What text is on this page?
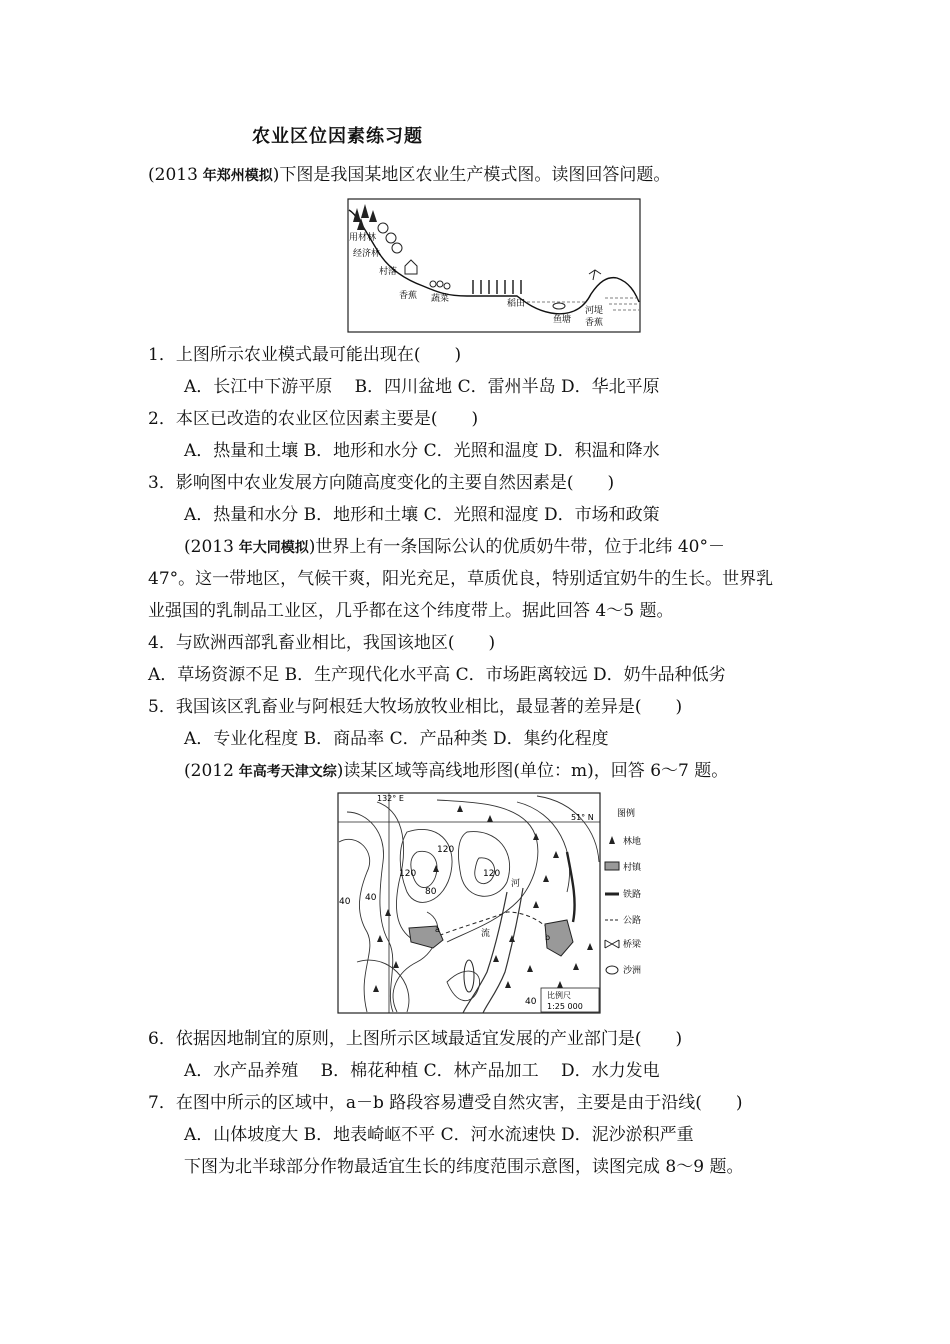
农业区位因素练习题
(2013 年郑州模拟)下图是我国某地区农业生产模式图。读图回答问题。
用材林
经济林
村落
香蕉 蔬菜	稻田
鱼塘
河堤
香蕉
1．上图所示农业模式最可能出现在(　　)
A．长江中下游平原　 B．四川盆地 C．雷州半岛 D．华北平原
2．本区已改造的农业区位因素主要是(　　)
A．热量和土壤 B．地形和水分 C．光照和温度 D．积温和降水
3．影响图中农业发展方向随高度变化的主要自然因素是(　　)
A．热量和水分 B．地形和土壤 C．光照和湿度 D．市场和政策
(2013 年大同模拟)世界上有一条国际公认的优质奶牛带，位于北纬 40°－
47°。这一带地区，气候干爽，阳光充足，草质优良，特别适宜奶牛的生长。世界乳
业强国的乳制品工业区，几乎都在这个纬度带上。据此回答 4～5 题。
4．与欧洲西部乳畜业相比，我国该地区(　　)
A．草场资源不足 B．生产现代化水平高 C．市场距离较远 D．奶牛品种低劣
5．我国该区乳畜业与阿根廷大牧场放牧业相比，最显著的差异是(　　)
A．专业化程度 B．商品率 C．产品种类 D．集约化程度
(2012 年高考天津文综)读某区域等高线地形图(单位：m)，回答 6～7 题。
比例尺
1:25 000
132° E
51° N
120
120
80
120
40 40
40
河
流
a
b
图例
林地
村镇
铁路
公路
桥梁
沙洲
6．依据因地制宜的原则，上图所示区域最适宜发展的产业部门是(　　)
A．水产品养殖　 B．棉花种植 C．林产品加工　 D．水力发电
7．在图中所示的区域中，a－b 路段容易遭受自然灾害，主要是由于沿线(　　)
A．山体坡度大 B．地表崎岖不平 C．河水流速快 D．泥沙淤积严重
下图为北半球部分作物最适宜生长的纬度范围示意图，读图完成 8～9 题。
